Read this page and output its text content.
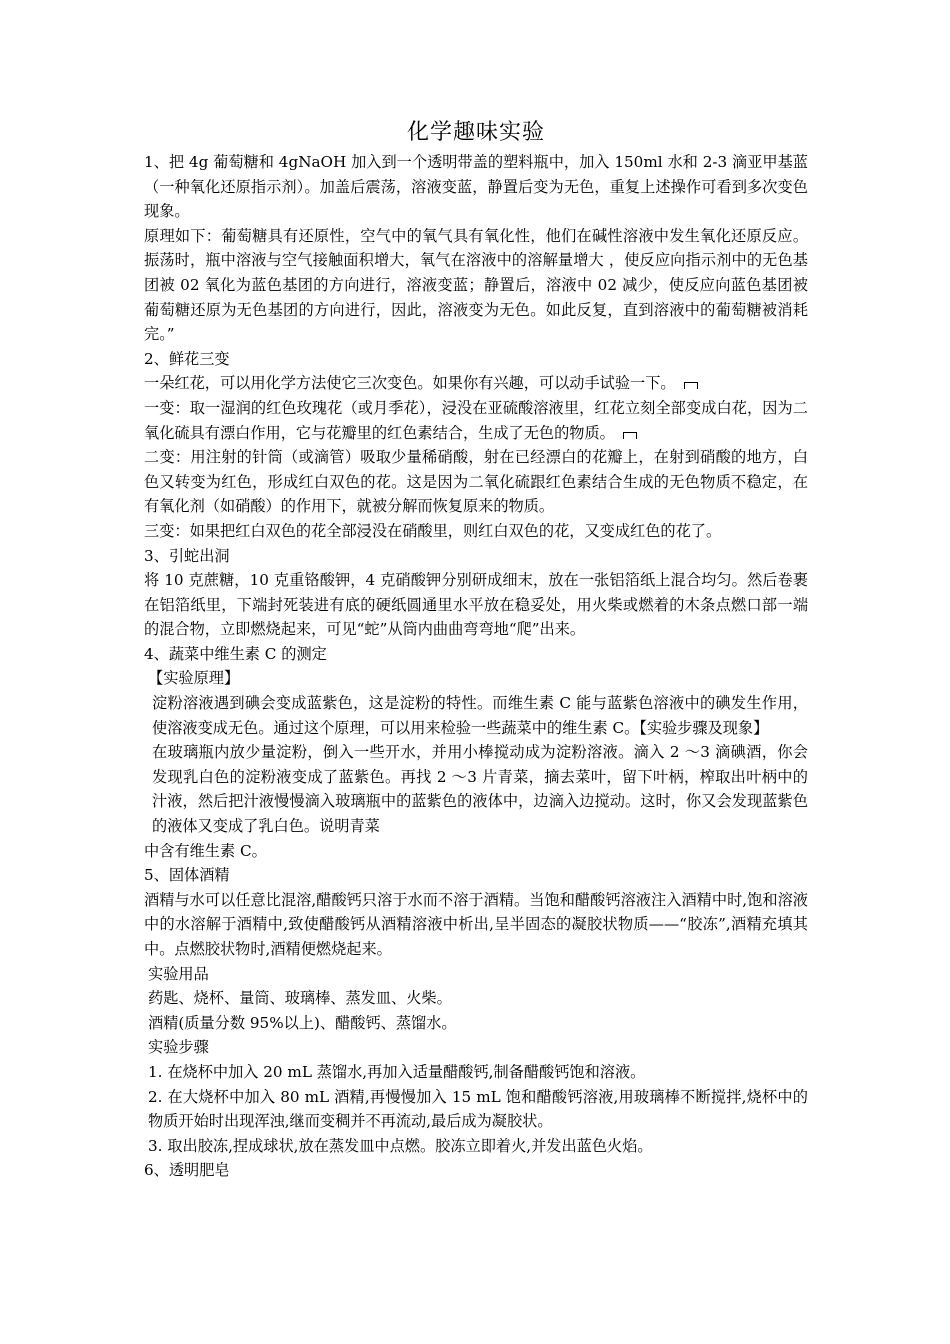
化学趣味实验

1、把 4g 葡萄糖和 4gNaOH 加入到一个透明带盖的塑料瓶中，加入 150ml 水和 2-3 滴亚甲基蓝（一种氧化还原指示剂）。加盖后震荡，溶液变蓝，静置后变为无色，重复上述操作可看到多次变色现象。

原理如下：葡萄糖具有还原性，空气中的氧气具有氧化性，他们在碱性溶液中发生氧化还原反应。振荡时，瓶中溶液与空气接触面积增大，氧气在溶液中的溶解量增大 ，使反应向指示剂中的无色基团被 02 氧化为蓝色基团的方向进行，溶液变蓝；静置后，溶液中 02 减少，使反应向蓝色基团被葡萄糖还原为无色基团的方向进行，因此，溶液变为无色。如此反复，直到溶液中的葡萄糖被消耗完。”

2、鲜花三变

一朵红花，可以用化学方法使它三次变色。如果你有兴趣，可以动手试验一下。

一变：取一湿润的红色玫瑰花（或月季花），浸没在亚硫酸溶液里，红花立刻全部变成白花，因为二氧化硫具有漂白作用，它与花瓣里的红色素结合，生成了无色的物质。

二变：用注射的针筒（或滴管）吸取少量稀硝酸，射在已经漂白的花瓣上，在射到硝酸的地方，白色又转变为红色，形成红白双色的花。这是因为二氧化硫跟红色素结合生成的无色物质不稳定，在有氧化剂（如硝酸）的作用下，就被分解而恢复原来的物质。

三变：如果把红白双色的花全部浸没在硝酸里，则红白双色的花，又变成红色的花了。

3、引蛇出洞

将 10 克蔗糖，10 克重铬酸钾，4 克硝酸钾分别研成细末，放在一张铝箔纸上混合均匀。然后卷裹在铝箔纸里，下端封死装进有底的硬纸圆通里水平放在稳妥处，用火柴或燃着的木条点燃口部一端的混合物，立即燃烧起来，可见“蛇”从筒内曲曲弯弯地“爬”出来。

4、蔬菜中维生素 C 的测定

【实验原理】

淀粉溶液遇到碘会变成蓝紫色，这是淀粉的特性。而维生素 C 能与蓝紫色溶液中的碘发生作用，使溶液变成无色。通过这个原理，可以用来检验一些蔬菜中的维生素 C。【实验步骤及现象】

在玻璃瓶内放少量淀粉，倒入一些开水，并用小棒搅动成为淀粉溶液。滴入 2 ～3 滴碘酒，你会发现乳白色的淀粉液变成了蓝紫色。再找 2 ～3 片青菜，摘去菜叶，留下叶柄，榨取出叶柄中的汁液，然后把汁液慢慢滴入玻璃瓶中的蓝紫色的液体中，边滴入边搅动。这时，你又会发现蓝紫色的液体又变成了乳白色。说明青菜

中含有维生素 C。

5、固体酒精

酒精与水可以任意比混溶,醋酸钙只溶于水而不溶于酒精。当饱和醋酸钙溶液注入酒精中时,饱和溶液中的水溶解于酒精中,致使醋酸钙从酒精溶液中析出,呈半固态的凝胶状物质——“胶冻”,酒精充填其中。点燃胶状物时,酒精便燃烧起来。

实验用品

药匙、烧杯、量筒、玻璃棒、蒸发皿、火柴。

酒精(质量分数 95%以上)、醋酸钙、蒸馏水。

实验步骤

1. 在烧杯中加入 20 mL 蒸馏水,再加入适量醋酸钙,制备醋酸钙饱和溶液。

2. 在大烧杯中加入 80 mL 酒精,再慢慢加入 15 mL 饱和醋酸钙溶液,用玻璃棒不断搅拌,烧杯中的物质开始时出现浑浊,继而变稠并不再流动,最后成为凝胶状。

3. 取出胶冻,捏成球状,放在蒸发皿中点燃。胶冻立即着火,并发出蓝色火焰。

6、透明肥皂
